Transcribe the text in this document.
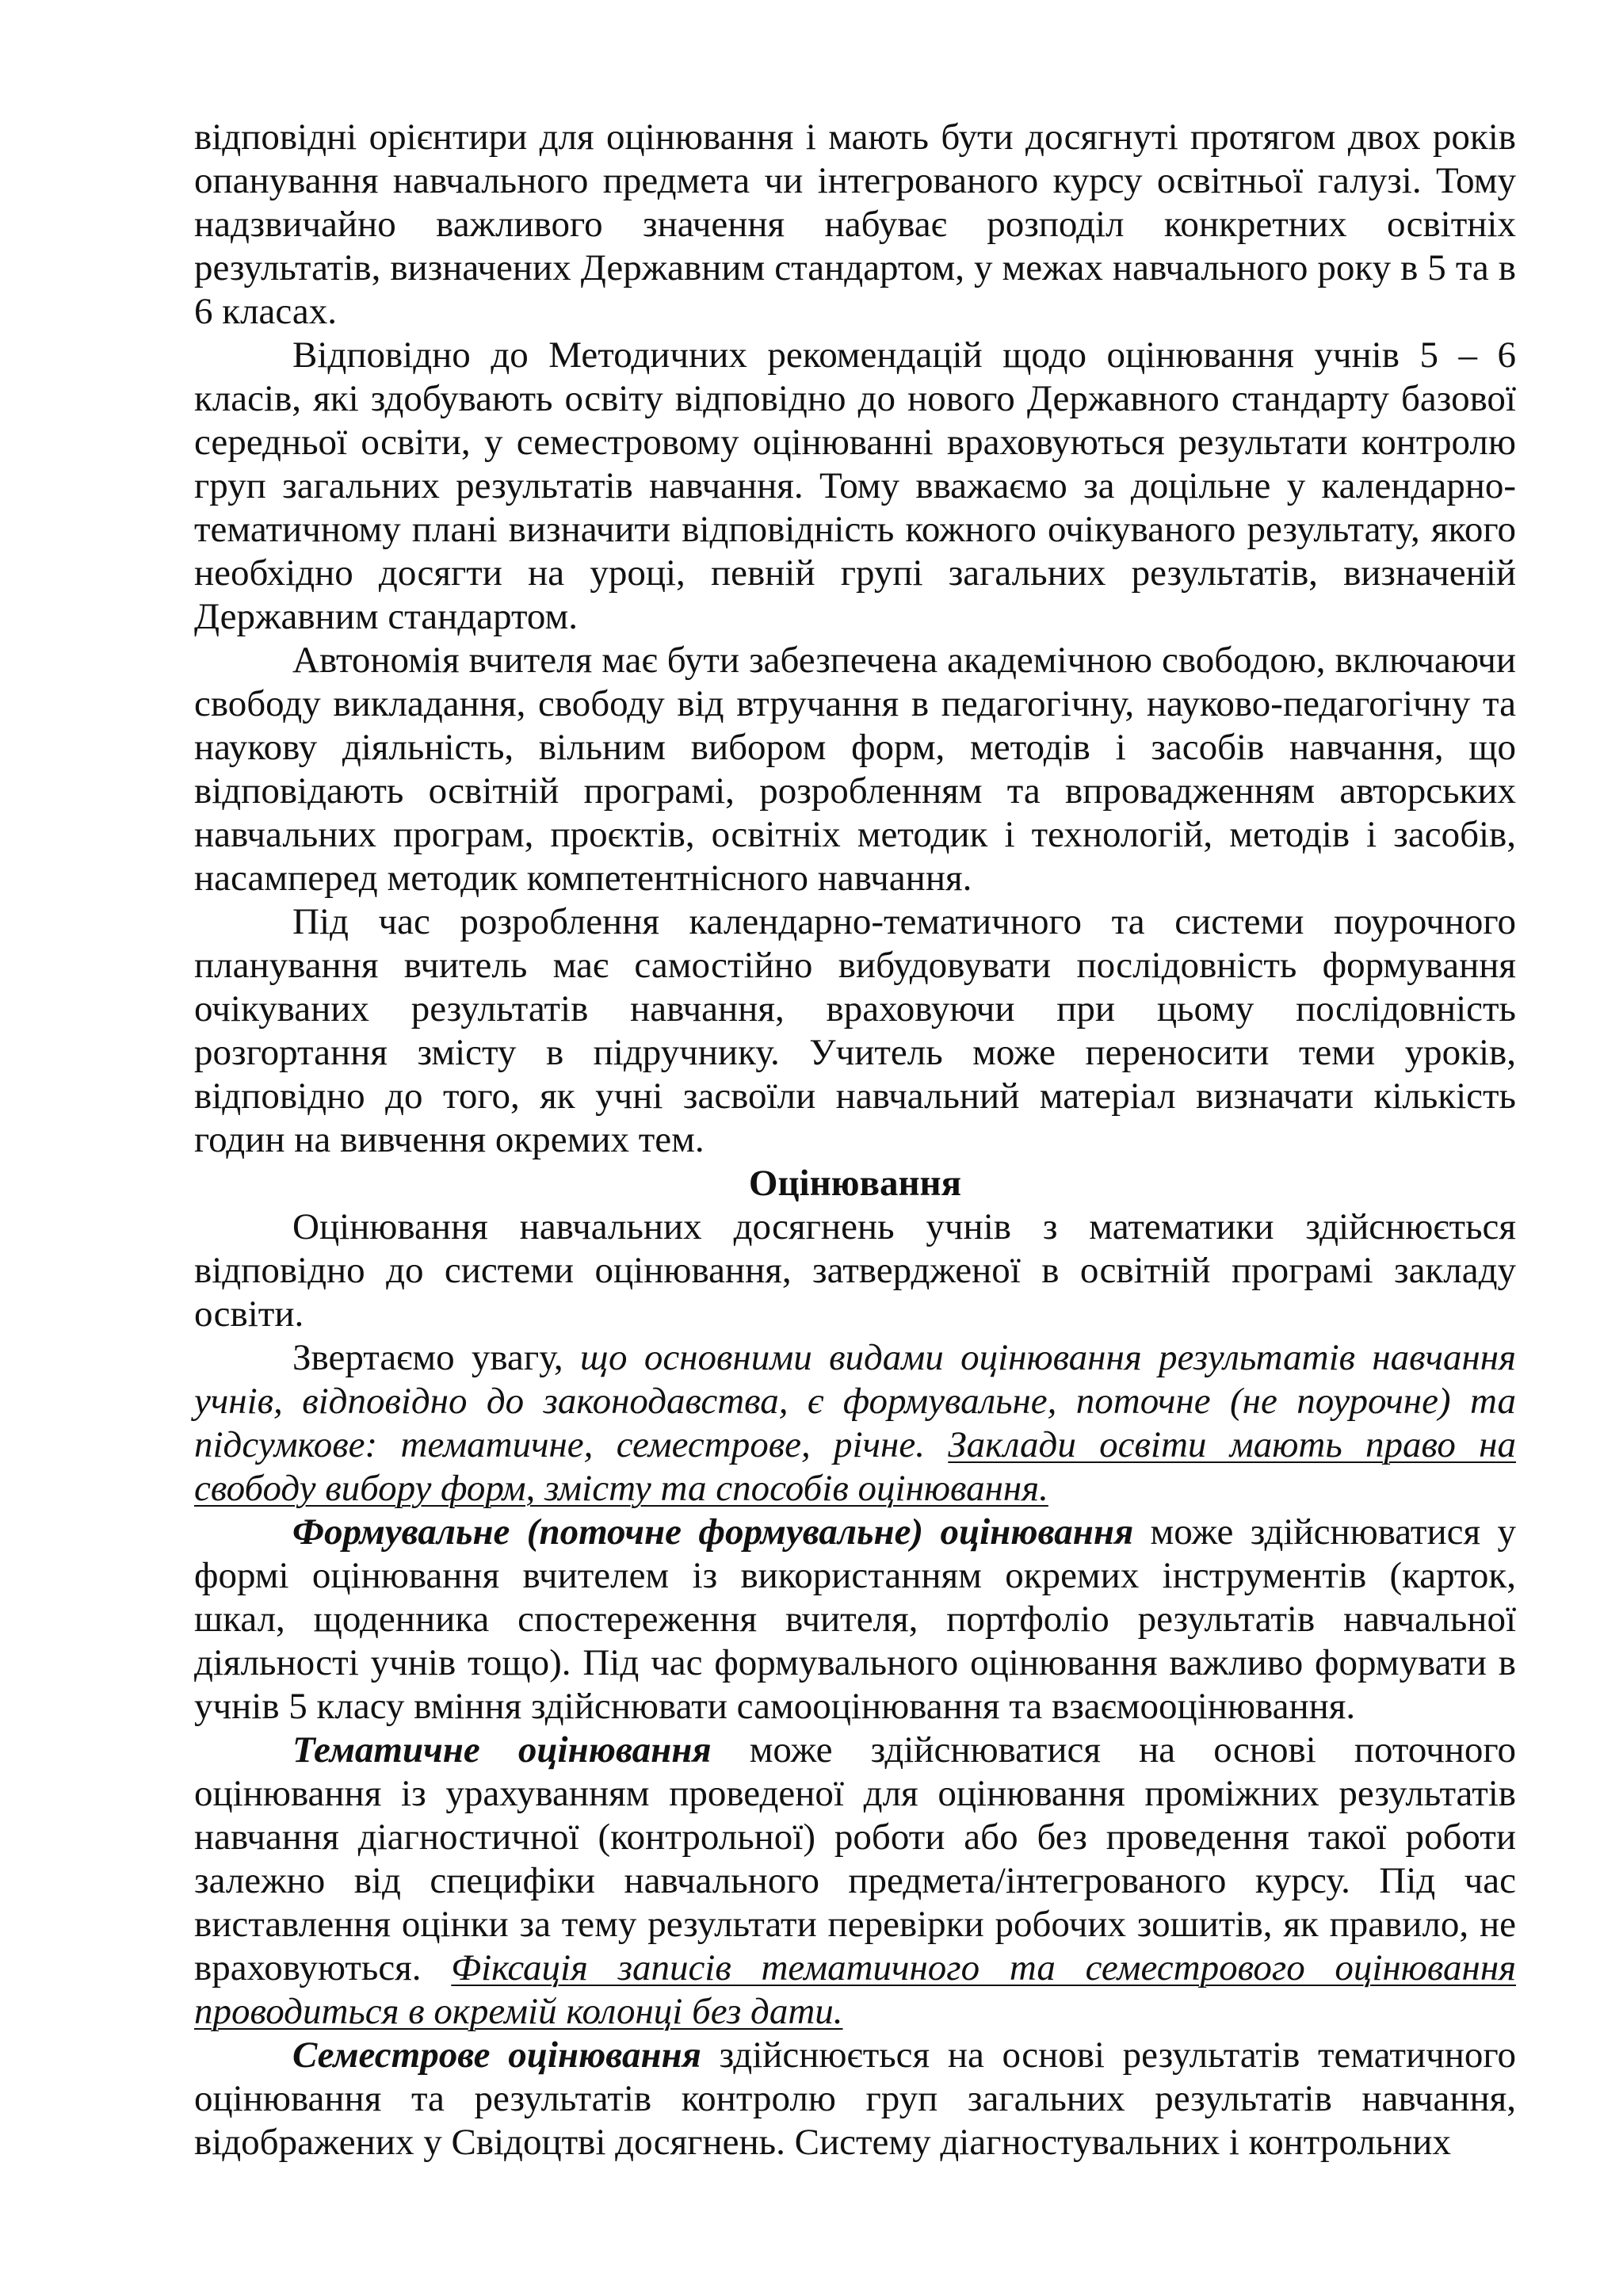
відповідні орієнтири для оцінювання і мають бути досягнуті протягом двох років опанування навчального предмета чи інтегрованого курсу освітньої галузі. Тому надзвичайно важливого значення набуває розподіл конкретних освітніх результатів, визначених Державним стандартом, у межах навчального року в 5 та в 6 класах.

Відповідно до Методичних рекомендацій щодо оцінювання учнів 5 – 6 класів, які здобувають освіту відповідно до нового Державного стандарту базової середньої освіти, у семестровому оцінюванні враховуються результати контролю груп загальних результатів навчання. Тому вважаємо за доцільне у календарно-тематичному плані визначити відповідність кожного очікуваного результату, якого необхідно досягти на уроці, певній групі загальних результатів, визначеній Державним стандартом.

Автономія вчителя має бути забезпечена академічною свободою, включаючи свободу викладання, свободу від втручання в педагогічну, науково-педагогічну та наукову діяльність, вільним вибором форм, методів і засобів навчання, що відповідають освітній програмі, розробленням та впровадженням авторських навчальних програм, проєктів, освітніх методик і технологій, методів і засобів, насамперед методик компетентнісного навчання.

Під час розроблення календарно-тематичного та системи поурочного планування вчитель має самостійно вибудовувати послідовність формування очікуваних результатів навчання, враховуючи при цьому послідовність розгортання змісту в підручнику. Учитель може переносити теми уроків, відповідно до того, як учні засвоїли навчальний матеріал визначати кількість годин на вивчення окремих тем.

Оцінювання

Оцінювання навчальних досягнень учнів з математики здійснюється відповідно до системи оцінювання, затвердженої в освітній програмі закладу освіти.

Звертаємо увагу, що основними видами оцінювання результатів навчання учнів, відповідно до законодавства, є формувальне, поточне (не поурочне) та підсумкове: тематичне, семестрове, річне. Заклади освіти мають право на свободу вибору форм, змісту та способів оцінювання.

Формувальне (поточне формувальне) оцінювання може здійснюватися у формі оцінювання вчителем із використанням окремих інструментів (карток, шкал, щоденника спостереження вчителя, портфоліо результатів навчальної діяльності учнів тощо). Під час формувального оцінювання важливо формувати в учнів 5 класу вміння здійснювати самооцінювання та взаємооцінювання.

Тематичне оцінювання може здійснюватися на основі поточного оцінювання із урахуванням проведеної для оцінювання проміжних результатів навчання діагностичної (контрольної) роботи або без проведення такої роботи залежно від специфіки навчального предмета/інтегрованого курсу. Під час виставлення оцінки за тему результати перевірки робочих зошитів, як правило, не враховуються. Фіксація записів тематичного та семестрового оцінювання проводиться в окремій колонці без дати.

Семестрове оцінювання здійснюється на основі результатів тематичного оцінювання та результатів контролю груп загальних результатів навчання, відображених у Свідоцтві досягнень. Систему діагностувальних і контрольних
